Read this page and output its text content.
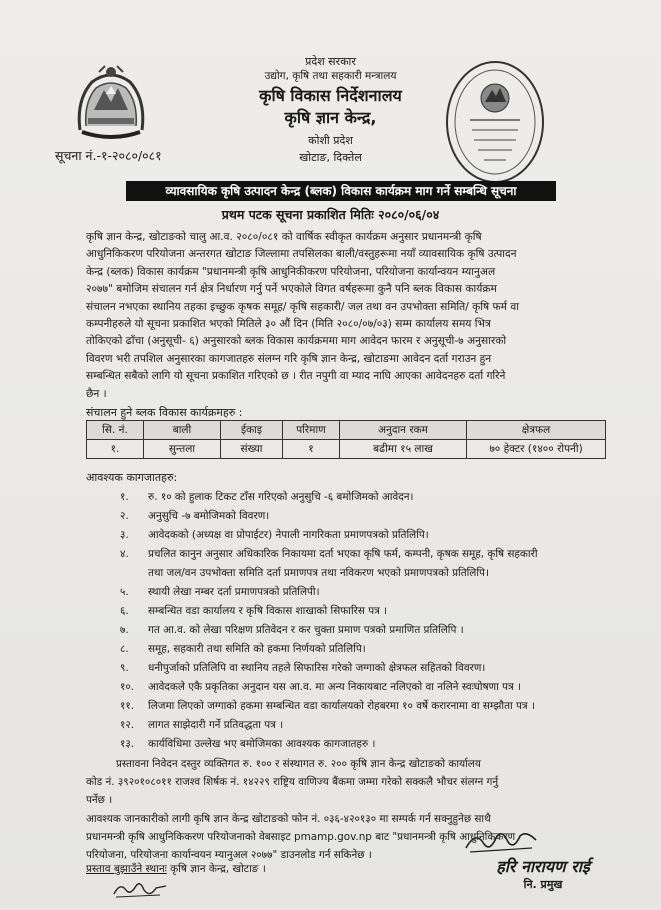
प्रदेश सरकार
उद्योग, कृषि तथा सहकारी मन्त्रालय
कृषि विकास निर्देशनालय
कृषि ज्ञान केन्द्र,
कोशी प्रदेश
खोटाङ, दिक्तेल
सूचना नं.-१-२०८०/०८१
व्यावसायिक कृषि उत्पादन केन्द्र (ब्लक) विकास कार्यक्रम माग गर्ने सम्बन्धि सूचना
प्रथम पटक सूचना प्रकाशित मितिः २०८०/०६/०४
कृषि ज्ञान केन्द्र, खोटाङको चालु आ.व. २०८०/०८१ को वार्षिक स्वीकृत कार्यक्रम अनुसार प्रधानमन्त्री कृषि
आधुनिकिकरण परियोजना अन्तरगत खोटाङ जिल्लामा तपसिलका बाली/वस्तुहरूमा नयाँ व्यावसायिक कृषि उत्पादन
केन्द्र (ब्लक) विकास कार्यक्रम "प्रधानमन्त्री कृषि आधुनिकीकरण परियोजना, परियोजना कार्यान्वयन म्यानुअल
२०७७" बमोजिम संचालन गर्न क्षेत्र निर्धारण गर्नु पर्ने भएकोले विगत वर्षहरूमा कुनै पनि ब्लक विकास कार्यक्रम
संचालन नभएका स्थानिय तहका इच्छुक कृषक समूह/ कृषि सहकारी/ जल तथा वन उपभोक्ता समिति/ कृषि फर्म वा
कम्पनीहरुले यो सूचना प्रकाशित भएको मितिले ३० औं दिन (मिति २०८०/०७/०३) सम्म कार्यालय समय भित्र
तोकिएको ढाँचा (अनुसूची- ६) अनुसारको ब्लक विकास कार्यक्रममा माग आवेदन फारम र अनुसूची-७ अनुसारको
विवरण भरी तपशिल अनुसारका कागजातहरु संलग्न गरि कृषि ज्ञान केन्द्र, खोटाङमा आवेदन दर्ता गराउन हुन
सम्बन्धित सबैको लागि यो सूचना प्रकाशित गरिएको छ । रीत नपुगी वा म्याद नाघि आएका आवेदनहरु दर्ता गरिने
छैन ।
संचालन हुने ब्लक विकास कार्यक्रमहरु :
सि. नं.	बाली	ईकाइ	परिमाण	अनुदान रकम	क्षेत्रफल
१.	सुन्तला	संख्या	१	बढीमा १५ लाख	७० हेक्टर (१४०० रोपनी)
आवश्यक कागजातहरु:
१. रु. १० को हुलाक टिकट टाँस गरिएको अनुसुचि -६ बमोजिमको आवेदन।
२. अनुसुचि -७ बमोजिमको विवरण।
३. आवेदकको (अध्यक्ष वा प्रोपाईटर) नेपाली नागरिकता प्रमाणपत्रको प्रतिलिपि।
४. प्रचलित कानुन अनुसार अधिकारिक निकायमा दर्ता भएका कृषि फर्म, कम्पनी, कृषक समूह, कृषि सहकारी
तथा जल/वन उपभोक्ता समिति दर्ता प्रमाणपत्र तथा नविकरण भएको प्रमाणपत्रको प्रतिलिपि।
५. स्थायी लेखा नम्बर दर्ता प्रमाणपत्रको प्रतिलिपी।
६. सम्बन्धित वडा कार्यालय र कृषि विकास शाखाको सिफारिस पत्र ।
७. गत आ.व. को लेखा परिक्षण प्रतिवेदन र कर चुक्ता प्रमाण पत्रको प्रमाणित प्रतिलिपि ।
८. समूह, सहकारी तथा समिति को हकमा निर्णयको प्रतिलिपि।
९. धनीपुर्जाको प्रतिलिपि वा स्थानिय तहले सिफारिस गरेको जग्गाको क्षेत्रफल सहितको विवरण।
१०. आवेदकले एकै प्रकृतिका अनुदान यस आ.व. मा अन्य निकायबाट नलिएको वा नलिने स्वःघोषणा पत्र ।
११. लिजमा लिएको जग्गाको हकमा सम्बन्धित वडा कार्यालयको रोहबरमा १० वर्षे करारनामा वा सम्झौता पत्र ।
१२. लागत साझेदारी गर्ने प्रतिवद्धता पत्र ।
१३. कार्यविधिमा उल्लेख भए बमोजिमका आवश्यक कागजातहरु ।
प्रस्तावना निवेदन दस्तुर व्यक्तिगत रु. १०० र संस्थागत रु. २०० कृषि ज्ञान केन्द्र खोटाङको कार्यालय
कोड नं. ३९२०१०८०११ राजश्व शिर्षक नं. १४२२९ राष्ट्रिय वाणिज्य बैंकमा जम्मा गरेको सक्कलै भौचर संलग्न गर्नु
पर्नेछ ।
आवश्यक जानकारीको लागी कृषि ज्ञान केन्द्र खोटाङको फोन नं. ०३६-४२०१३० मा सम्पर्क गर्न सक्नुहुनेछ साथै
प्रधानमन्त्री कृषि आधुनिकिकरण परियोजनाको वेबसाइट pmamp.gov.np बाट "प्रधानमन्त्री कृषि आधुनिकिकरण
परियोजना, परियोजना कार्यान्वयन म्यानुअल २०७७" डाउनलोड गर्न सकिनेछ ।
प्रस्ताव बुझाउँने स्थानः कृषि ज्ञान केन्द्र, खोटाङ ।	हरि नारायण राई
नि. प्रमुख
